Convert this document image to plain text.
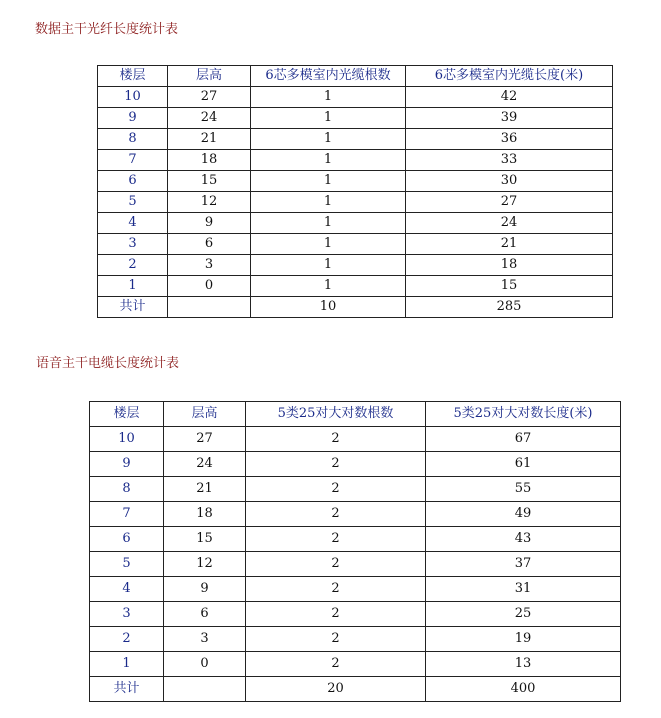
数据主干光纤长度统计表
楼层	层高	6芯多模室内光缆根数	6芯多模室内光缆长度(米)
10	27	1	42
9	24	1	39
8	21	1	36
7	18	1	33
6	15	1	30
5	12	1	27
4	9	1	24
3	6	1	21
2	3	1	18
1	0	1	15
共计		10	285
语音主干电缆长度统计表
楼层	层高	5类25对大对数根数	5类25对大对数长度(米)
10	27	2	67
9	24	2	61
8	21	2	55
7	18	2	49
6	15	2	43
5	12	2	37
4	9	2	31
3	6	2	25
2	3	2	19
1	0	2	13
共计		20	400
